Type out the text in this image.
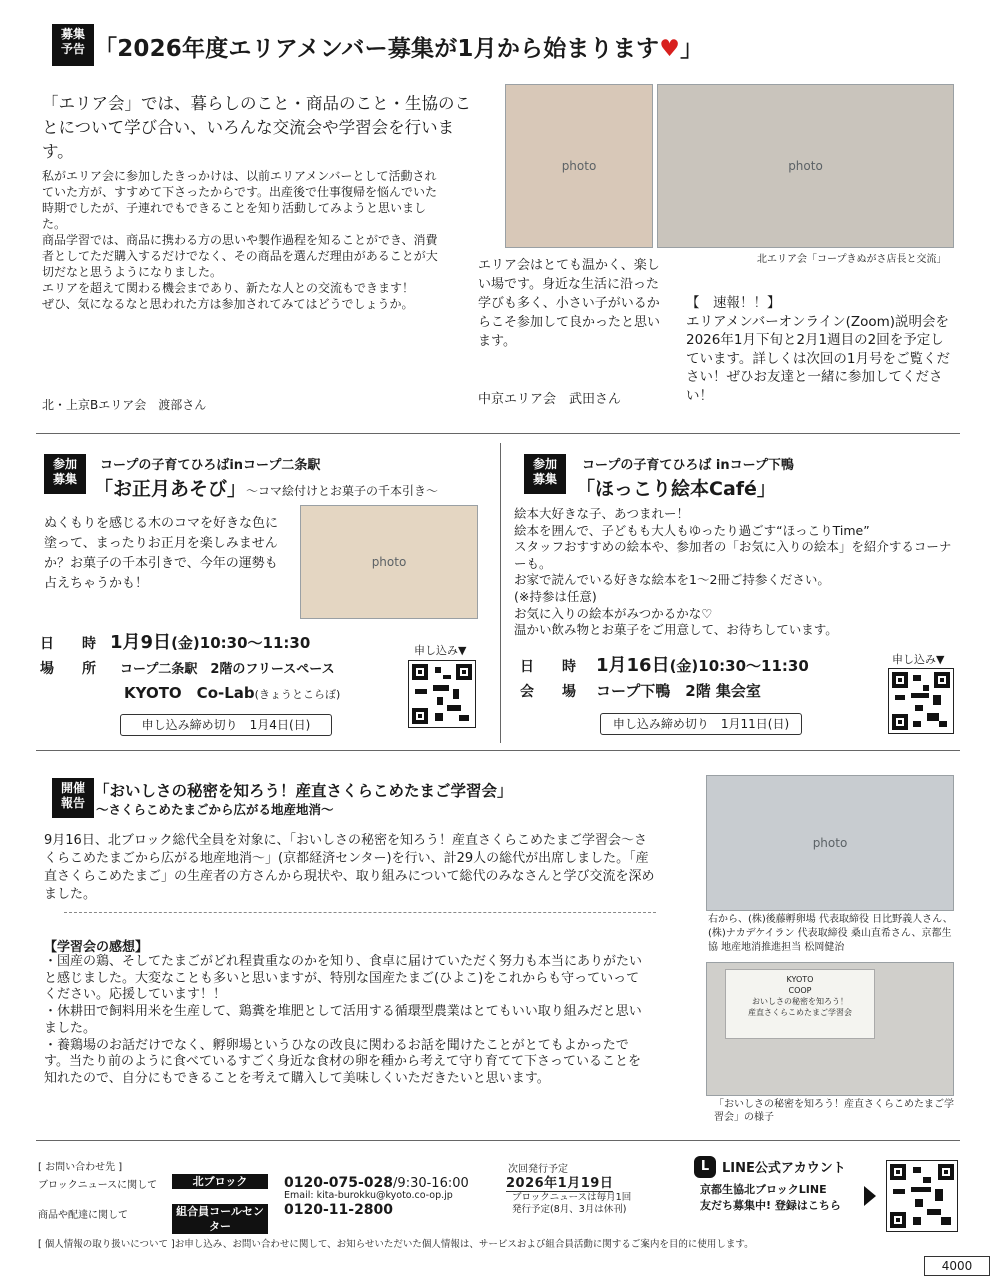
募集
予告 「2026年度エリアメンバー募集が1月から始まります♥」

「エリア会」では、暮らしのこと・商品のこと・生協のことについて学び合い、いろんな交流会や学習会を行います。

私がエリア会に参加したきっかけは、以前エリアメンバーとして活動されていた方が、すすめて下さったからです。出産後で仕事復帰を悩んでいた時期でしたが、子連れでもできることを知り活動してみようと思いました。
商品学習では、商品に携わる方の思いや製作過程を知ることができ、消費者としてただ購入するだけでなく、その商品を選んだ理由があることが大切だなと思うようになりました。
エリアを超えて関わる機会まであり、新たな人との交流もできます！
ぜひ、気になるなと思われた方は参加されてみてはどうでしょうか。

北・上京Bエリア会　渡部さん

photo	photo

北エリア会「コープきぬがさ店長と交流」

エリア会はとても温かく、楽しい場です。身近な生活に沿った学びも多く、小さい子がいるからこそ参加して良かったと思います。

中京エリア会　武田さん

【　速報！！】
エリアメンバーオンライン(Zoom)説明会を2026年1月下旬と2月1週目の2回を予定しています。詳しくは次回の1月号をご覧ください！ぜひお友達と一緒に参加してください！

参加
募集

コープの子育てひろばinコープ二条駅

「お正月あそび」〜コマ絵付けとお菓子の千本引き〜

ぬくもりを感じる木のコマを好きな色に塗って、まったりお正月を楽しみませんか？お菓子の千本引きで、今年の運勢も占えちゃうかも！

photo
日　　時 1月9日(金)10:30〜11:30
場　　所 コープ二条駅　2階のフリースペース
KYOTO　Co-Lab(きょうとこらぼ)

申し込み▼

申し込み締め切り　1月4日(日)
参加
募集

コープの子育てひろば inコープ下鴨

「ほっこり絵本Café」

絵本大好きな子、あつまれー！
絵本を囲んで、子どもも大人もゆったり過ごす“ほっこりTime”
スタッフおすすめの絵本や、参加者の「お気に入りの絵本」を紹介するコーナーも。
お家で読んでいる好きな絵本を1〜2冊ご持参ください。
(※持参は任意)
お気に入りの絵本がみつかるかな♡
温かい飲み物とお菓子をご用意して、お待ちしています。

日　　時 1月16日(金)10:30〜11:30
会　　場 コープ下鴨　2階 集会室

申し込み▼

申し込み締め切り　1月11日(日)
開催
報告

「おいしさの秘密を知ろう！産直さくらこめたまご学習会」

〜さくらこめたまごから広がる地産地消〜

9月16日、北ブロック総代全員を対象に、「おいしさの秘密を知ろう！産直さくらこめたまご学習会〜さくらこめたまごから広がる地産地消〜」(京都経済センター)を行い、計29人の総代が出席しました。「産直さくらこめたまご」の生産者の方さんから現状や、取り組みについて総代のみなさんと学び交流を深めました。

【学習会の感想】

・国産の鶏、そしてたまごがどれ程貴重なのかを知り、食卓に届けていただく努力も本当にありがたいと感じました。大変なことも多いと思いますが、特別な国産たまご(ひよこ)をこれからも守っていってください。応援しています！！
・休耕田で飼料用米を生産して、鶏糞を堆肥として活用する循環型農業はとてもいい取り組みだと思いました。
・養鶏場のお話だけでなく、孵卵場というひなの改良に関わるお話を聞けたことがとてもよかったです。当たり前のように食べているすごく身近な食材の卵を種から考えて守り育てて下さっていることを知れたので、自分にもできることを考えて購入して美味しくいただきたいと思います。

photo

右から、(株)後藤孵卵場 代表取締役 日比野義人さん、(株)ナカデケイラン 代表取締役 桑山直希さん、京都生協 地産地消推進担当 松岡健治

KYOTO
COOP
おいしさの秘密を知ろう！
産直さくらこめたまご学習会

「おいしさの秘密を知ろう！産直さくらこめたまご学習会」の様子

[ お問い合わせ先 ]

ブロックニュースに関して	北ブロック	0120-075-028/9:30-16:00

Email: kita-burokku@kyoto.co-op.jp

商品や配達に関して	組合員コールセンター

0120-11-2800

次回発行予定

2026年1月19日

ブロックニュースは毎月1回
発行予定(8月、3月は休刊)

L LINE公式アカウント

京都生協北ブロックLINE
友だち募集中! 登録はこちら

[ 個人情報の取り扱いについて ]お申し込み、お問い合わせに関して、お知らせいただいた個人情報は、サービスおよび組合員活動に関するご案内を目的に使用します。

4000
